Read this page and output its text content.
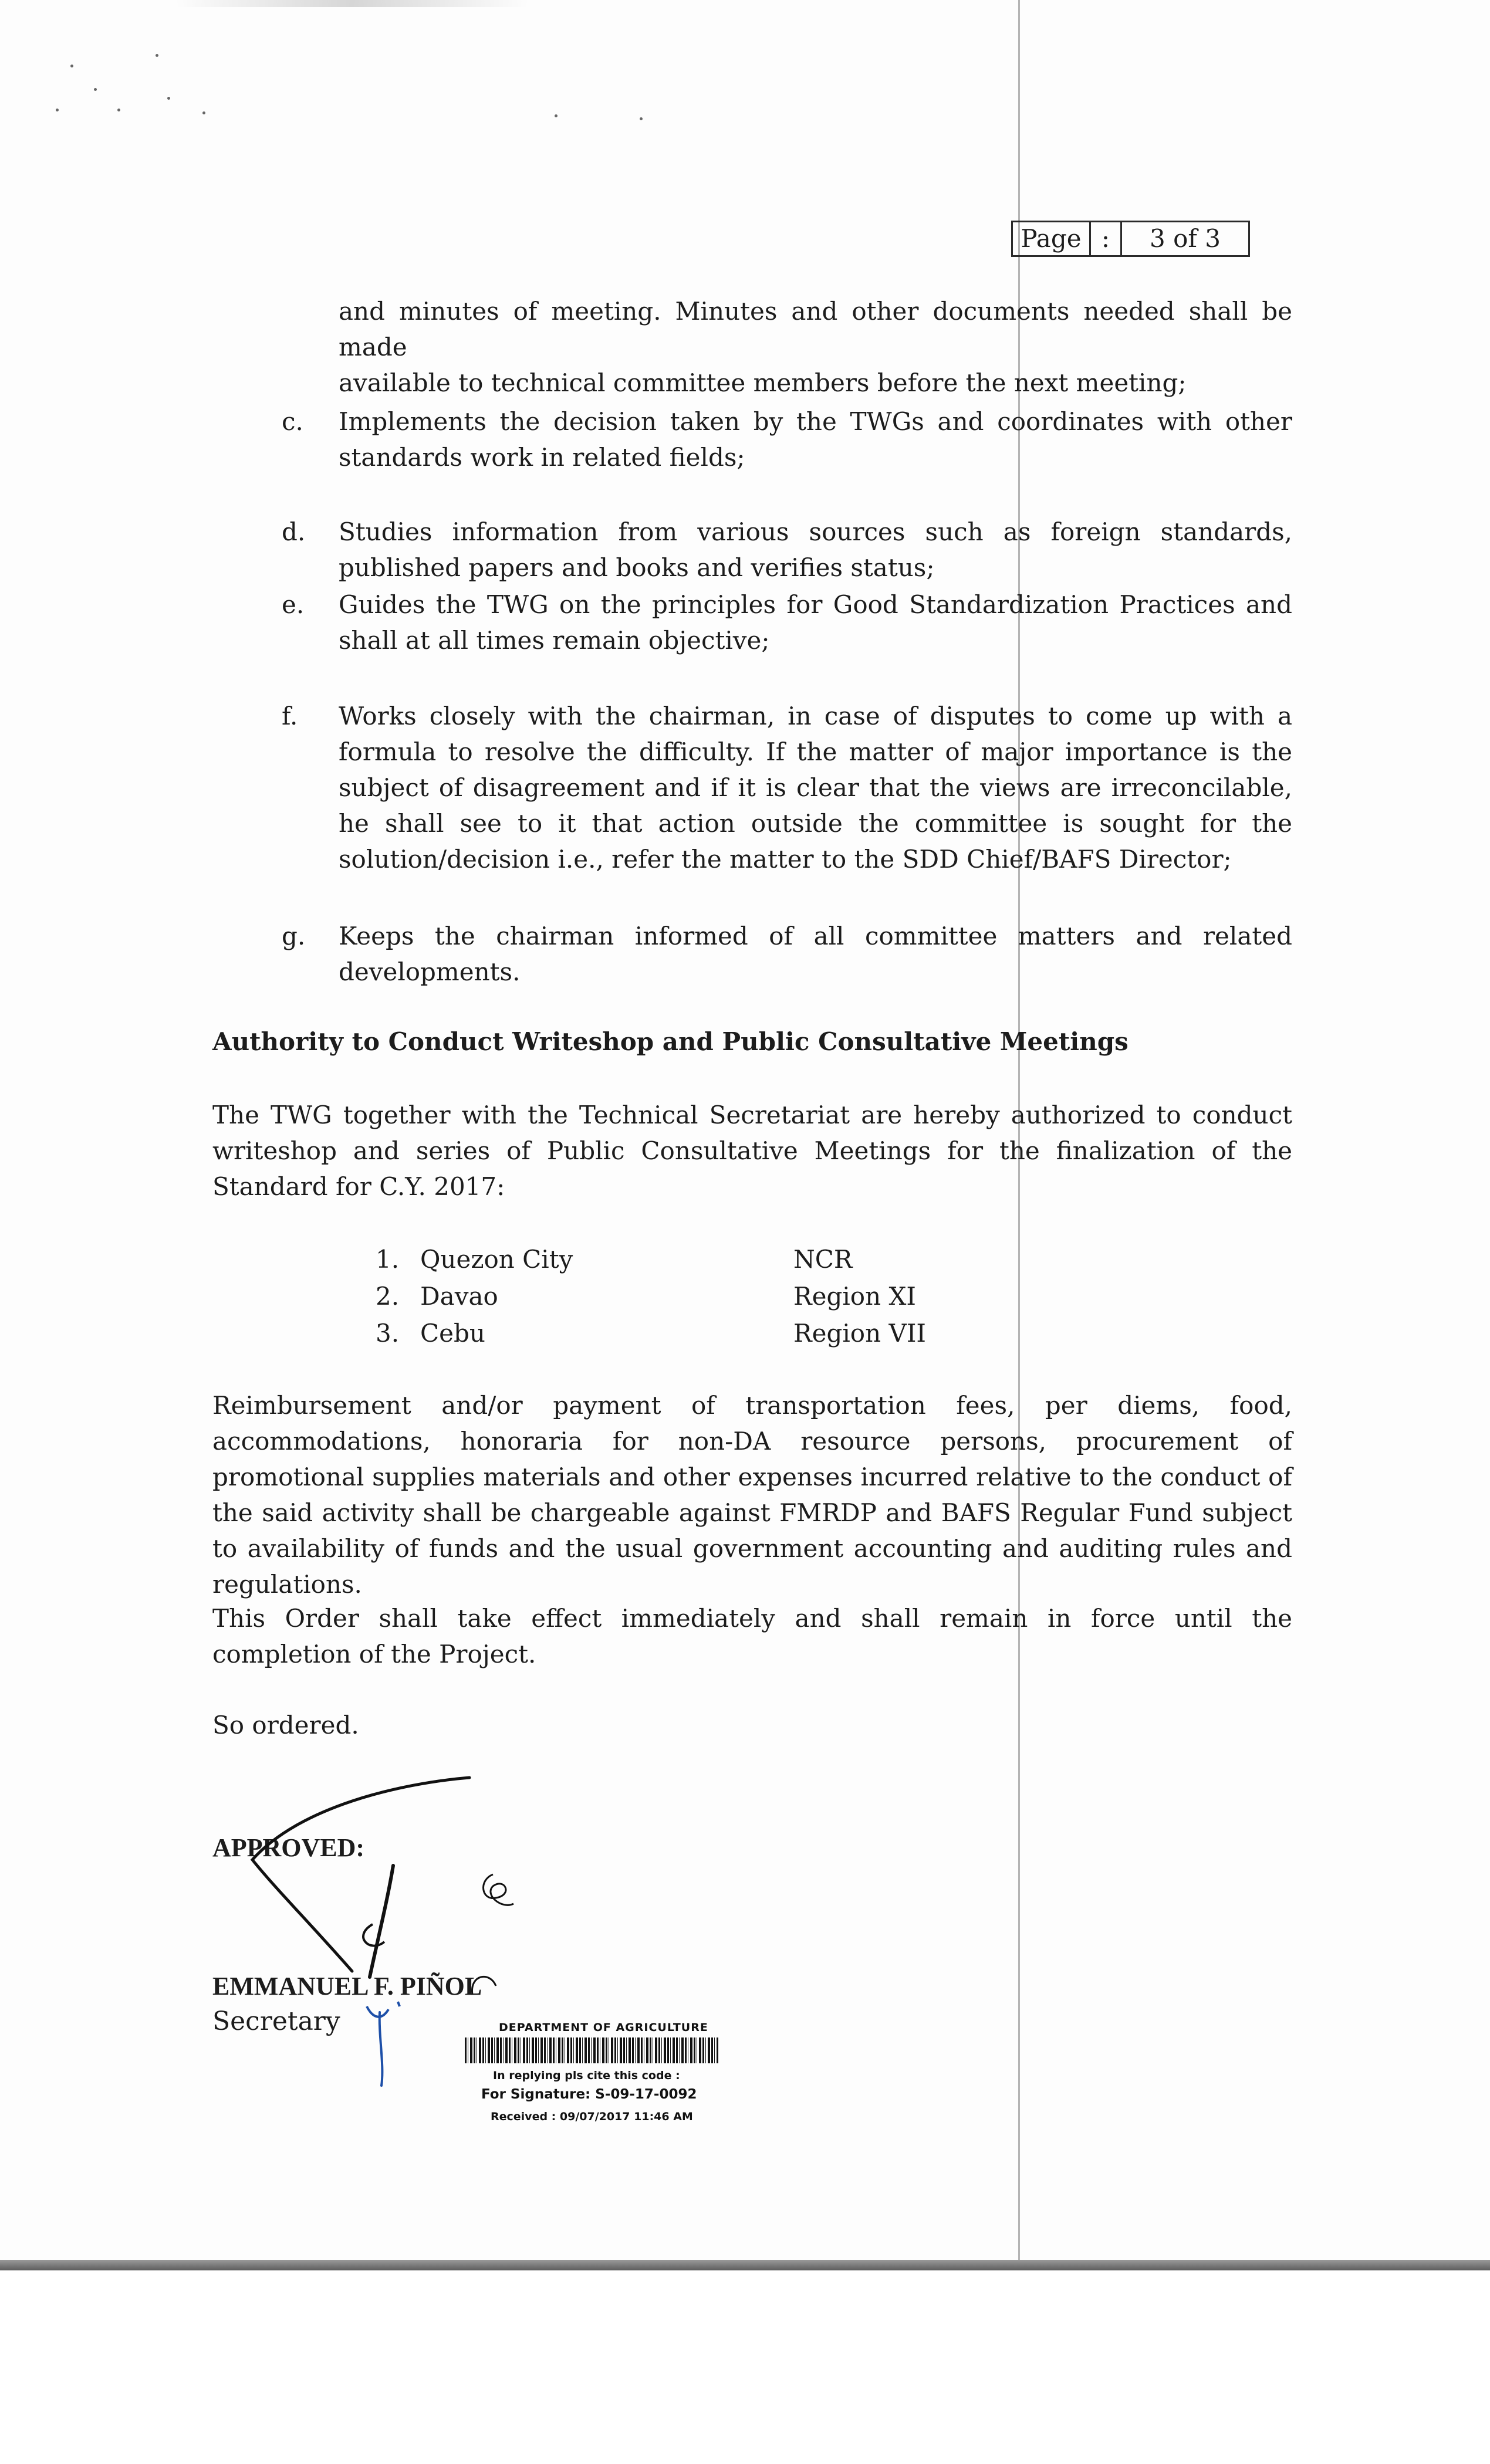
Page :	3 of 3
and minutes of meeting. Minutes and other documents needed shall be made
available to technical committee members before the next meeting;
c.	Implements the decision taken by the TWGs and coordinates with other standards work in related fields;
d.	Studies information from various sources such as foreign standards, published papers and books and verifies status;
e.	Guides the TWG on the principles for Good Standardization Practices and shall at all times remain objective;
f.	Works closely with the chairman, in case of disputes to come up with a formula to resolve the difficulty. If the matter of major importance is the subject of disagreement and if it is clear that the views are irreconcilable, he shall see to it that action outside the committee is sought for the solution/decision i.e., refer the matter to the SDD Chief/BAFS Director;
g.	Keeps the chairman informed of all committee matters and related developments.
Authority to Conduct Writeshop and Public Consultative Meetings
The TWG together with the Technical Secretariat are hereby authorized to conduct writeshop and series of Public Consultative Meetings for the finalization of the Standard for C.Y. 2017:
1. Quezon City	NCR
2. Davao	Region XI
3. Cebu	Region VII
Reimbursement and/or payment of transportation fees, per diems, food, accommodations, honoraria for non-DA resource persons, procurement of promotional supplies materials and other expenses incurred relative to the conduct of the said activity shall be chargeable against FMRDP and BAFS Regular Fund subject to availability of funds and the usual government accounting and auditing rules and regulations.
This Order shall take effect immediately and shall remain in force until the completion of the Project.
So ordered.
APPROVED:
EMMANUEL F. PIÑOL
Secretary	DEPARTMENT OF AGRICULTURE
In replying pls cite this code :
For Signature: S-09-17-0092
Received : 09/07/2017 11:46 AM
